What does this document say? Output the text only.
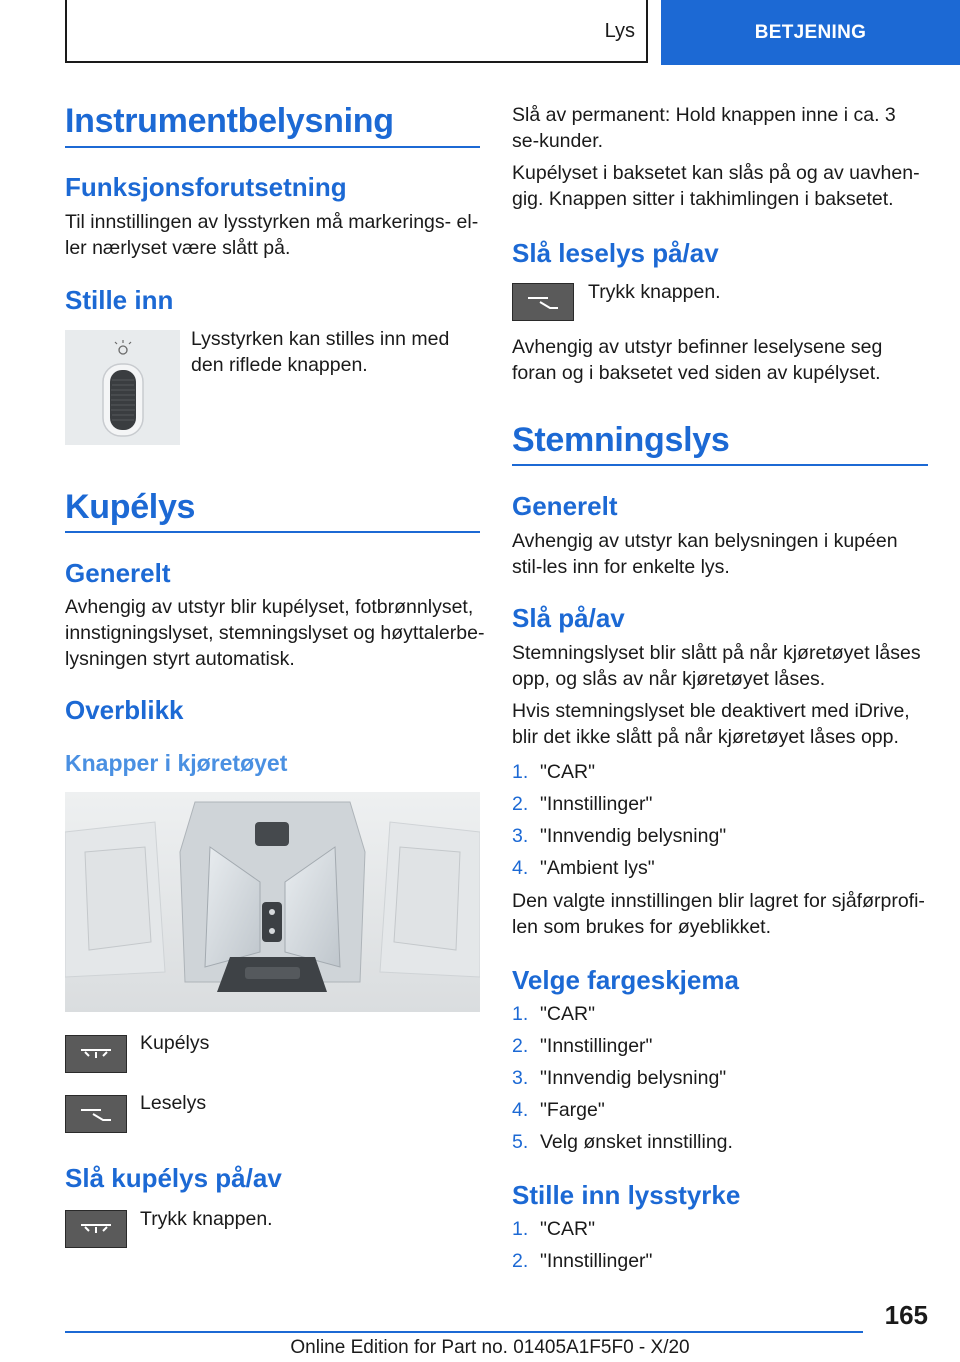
Lys	BETJENING
Instrumentbelysning
Funksjonsforutsetning
Til innstillingen av lysstyrken må markerings- el-ler nærlyset være slått på.
Stille inn
Lysstyrken kan stilles inn med den riflede knappen.
Kupélys
Generelt
Avhengig av utstyr blir kupélyset, fotbrønnlyset, innstigningslyset, stemningslyset og høyttalerbe-lysningen styrt automatisk.
Overblikk
Knapper i kjøretøyet
Kupélys
Leselys
Slå kupélys på/av
Trykk knappen.
Slå av permanent: Hold knappen inne i ca. 3 se-kunder.
Kupélyset i baksetet kan slås på og av uavhen-gig. Knappen sitter i takhimlingen i baksetet.
Slå leselys på/av
Trykk knappen.
Avhengig av utstyr befinner leselysene seg foran og i baksetet ved siden av kupélyset.
Stemningslys
Generelt
Avhengig av utstyr kan belysningen i kupéen stil-les inn for enkelte lys.
Slå på/av
Stemningslyset blir slått på når kjøretøyet låses opp, og slås av når kjøretøyet låses.
Hvis stemningslyset ble deaktivert med iDrive, blir det ikke slått på når kjøretøyet låses opp.
1. "CAR"
2. "Innstillinger"
3. "Innvendig belysning"
4. "Ambient lys"
Den valgte innstillingen blir lagret for sjåførprofi-len som brukes for øyeblikket.
Velge fargeskjema
1. "CAR"
2. "Innstillinger"
3. "Innvendig belysning"
4. "Farge"
5. Velg ønsket innstilling.
Stille inn lysstyrke
1. "CAR"
2. "Innstillinger"
165
Online Edition for Part no. 01405A1F5F0 - X/20
